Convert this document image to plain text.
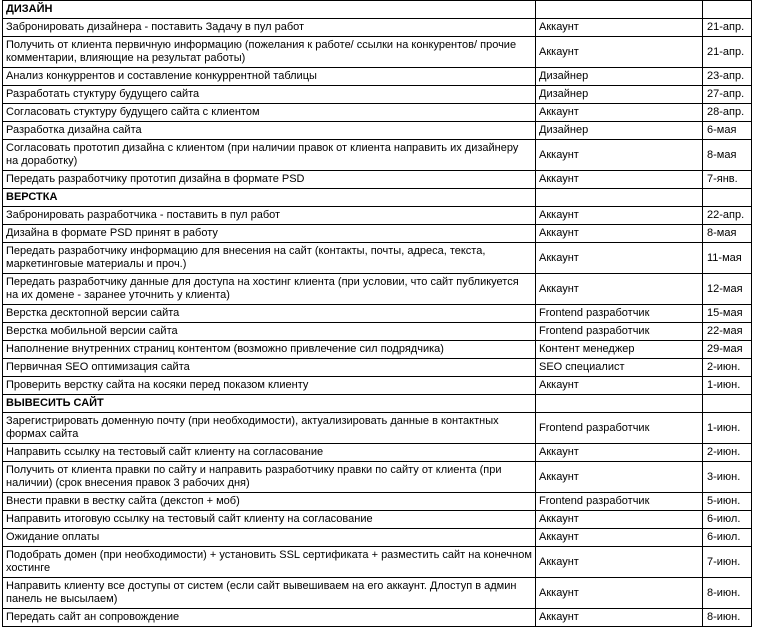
ДИЗАЙН		
Забронировать дизайнера - поставить Задачу в пул работ	Аккаунт	21-апр.
Получить от клиента первичную информацию (пожелания к работе/ ссылки на конкурентов/ прочие комментарии, влияющие на результат работы)	Аккаунт	21-апр.
Анализ конкуррентов и составление конкуррентной таблицы	Дизайнер	23-апр.
Разработать стуктуру будущего сайта	Дизайнер	27-апр.
Согласовать стуктуру будущего сайта с клиентом	Аккаунт	28-апр.
Разработка дизайна сайта	Дизайнер	6-мая
Согласовать прототип дизайна с клиентом (при наличии правок от клиента направить их дизайнеру на доработку)	Аккаунт	8-мая
Передать разработчику прототип дизайна в формате PSD	Аккаунт	7-янв.
ВЕРСТКА		
Забронировать разработчика - поставить в пул работ	Аккаунт	22-апр.
Дизайна в формате PSD принят в работу	Аккаунт	8-мая
Передать разработчику информацию для внесения на сайт (контакты, почты, адреса, текста, маркетинговые материалы и проч.)	Аккаунт	11-мая
Передать разработчику данные для доступа на хостинг клиента (при условии, что сайт публикуется на их домене - заранее уточнить у клиента)	Аккаунт	12-мая
Верстка десктопной версии сайта	Frontend разработчик	15-мая
Верстка мобильной версии сайта	Frontend разработчик	22-мая
Наполнение внутренних страниц контентом (возможно привлечение сил подрядчика)	Контент менеджер	29-мая
Первичная SEO оптимизация сайта	SEO специалист	2-июн.
Проверить верстку сайта на косяки перед показом клиенту	Аккаунт	1-июн.
ВЫВЕСИТЬ САЙТ		
Зарегистрировать доменную почту (при необходимости), актуализировать данные в контактных формах сайта	Frontend разработчик	1-июн.
Направить ссылку на тестовый сайт клиенту на согласование	Аккаунт	2-июн.
Получить от клиента правки по сайту и направить разработчику правки по сайту от клиента (при наличии) (срок внесения правок 3 рабочих дня)	Аккаунт	3-июн.
Внести правки в вестку сайта (декстоп + моб)	Frontend разработчик	5-июн.
Направить итоговую ссылку на тестовый сайт клиенту на согласование	Аккаунт	6-июл.
Ожидание оплаты	Аккаунт	6-июл.
Подобрать домен (при необходимости) + установить SSL сертификата + разместить сайт на конечном хостинге	Аккаунт	7-июн.
Направить клиенту все доступы от систем (если сайт вывешиваем на его аккаунт. Длоступ в админ панель не высылаем)	Аккаунт	8-июн.
Передать сайт ан сопровождение	Аккаунт	8-июн.
